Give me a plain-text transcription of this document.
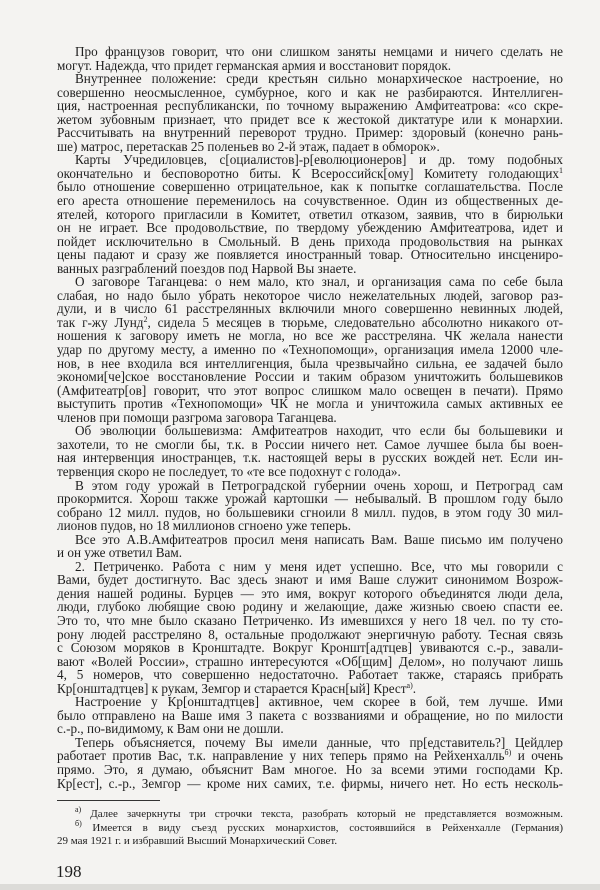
Про французов говорит, что они слишком заняты немцами и ничего сделать не
могут. Надежда, что придет германская армия и восстановит порядок.
Внутреннее положение: среди крестьян сильно монархическое настроение, но
совершенно неосмысленное, сумбурное, кого и как не разбираются. Интеллиген-
ция, настроенная республикански, по точному выражению Амфитеатрова: «со скре-
жетом зубовным признает, что придет все к жестокой диктатуре или к монархии.
Рассчитывать на внутренний переворот трудно. Пример: здоровый (конечно рань-
ше) матрос, перетаскав 25 поленьев во 2-й этаж, падает в обморок».
Карты Учредиловцев, с[оциалистов]-р[еволюционеров] и др. тому подобных
окончательно и бесповоротно биты. К Всероссийск[ому] Комитету голодающих$^1$
было отношение совершенно отрицательное, как к попытке соглашательства. После
его ареста отношение переменилось на сочувственное. Один из общественных де-
ятелей, которого пригласили в Комитет, ответил отказом, заявив, что в бирюльки
он не играет. Все продовольствие, по твердому убеждению Амфитеатрова, идет и
пойдет исключительно в Смольный. В день прихода продовольствия на рынках
цены падают и сразу же появляется иностранный товар. Относительно инсцениро-
ванных разграблений поездов под Нарвой Вы знаете.
О заговоре Таганцева: о нем мало, кто знал, и организация сама по себе была
слабая, но надо было убрать некоторое число нежелательных людей, заговор раз-
дули, и в число 61 расстрелянных включили много совершенно невинных людей,
так г-жу Лунд$^2$, сидела 5 месяцев в тюрьме, следовательно абсолютно никакого от-
ношения к заговору иметь не могла, но все же расстреляна. ЧК желала нанести
удар по другому месту, а именно по «Технопомощи», организация имела 12000 чле-
нов, в нее входила вся интеллигенция, была чрезвычайно сильна, ее задачей было
экономи[че]ское восстановление России и таким образом уничтожить большевиков
(Амфитеатр[ов] говорит, что этот вопрос слишком мало освещен в печати). Прямо
выступить против «Технопомощи» ЧК не могла и уничтожила самых активных ее
членов при помощи разгрома заговора Таганцева.
Об эволюции большевизма: Амфитеатров находит, что если бы большевики и
захотели, то не смогли бы, т.к. в России ничего нет. Самое лучшее была бы воен-
ная интервенция иностранцев, т.к. настоящей веры в русских вождей нет. Если ин-
тервенция скоро не последует, то «те все подохнут с голода».
В этом году урожай в Петроградской губернии очень хорош, и Петроград сам
прокормится. Хорош также урожай картошки — небывалый. В прошлом году было
собрано 12 милл. пудов, но большевики сгноили 8 милл. пудов, в этом году 30 мил-
лионов пудов, но 18 миллионов сгноено уже теперь.
Все это А.В.Амфитеатров просил меня написать Вам. Ваше письмо им получено
и он уже ответил Вам.
2. Петриченко. Работа с ним у меня идет успешно. Все, что мы говорили с
Вами, будет достигнуто. Вас здесь знают и имя Ваше служит синонимом Возрож-
дения нашей родины. Бурцев — это имя, вокруг которого объединятся люди дела,
люди, глубоко любящие свою родину и желающие, даже жизнью своею спасти ее.
Это то, что мне было сказано Петриченко. Из имевшихся у него 18 чел. по ту сто-
рону людей расстреляно 8, остальные продолжают энергичную работу. Тесная связь
с Союзом моряков в Кронштадте. Вокруг Кроншт[адтцев] увиваются с.-р., завали-
вают «Волей России», страшно интересуются «Об[щим] Делом», но получают лишь
4, 5 номеров, что совершенно недостаточно. Работает также, стараясь прибрать
Кр[онштадтцев] к рукам, Земгор и старается Красн[ый] Крест$^{а)}$.
Настроение у Кр[онштадтцев] активное, чем скорее в бой, тем лучше. Ими
было отправлено на Ваше имя 3 пакета с воззваниями и обращение, но по милости
с.-р., по-видимому, к Вам они не дошли.
Теперь объясняется, почему Вы имели данные, что пр[едставитель?] Цейдлер
работает против Вас, т.к. направление у них теперь прямо на Рейхенхалль$^{б)}$ и очень
прямо. Это, я думаю, объяснит Вам многое. Но за всеми этими господами Кр.
Кр[ест], с.-р., Земгор — кроме них самих, т.е. фирмы, ничего нет. Но есть несколь-
$^{а)}$ Далее зачеркнуты три строчки текста, разобрать который не представляется возможным.
$^{б)}$ Имеется в виду съезд русских монархистов, состоявшийся в Рейхенхалле (Германия)
29 мая 1921 г. и избравший Высший Монархический Совет.
198
